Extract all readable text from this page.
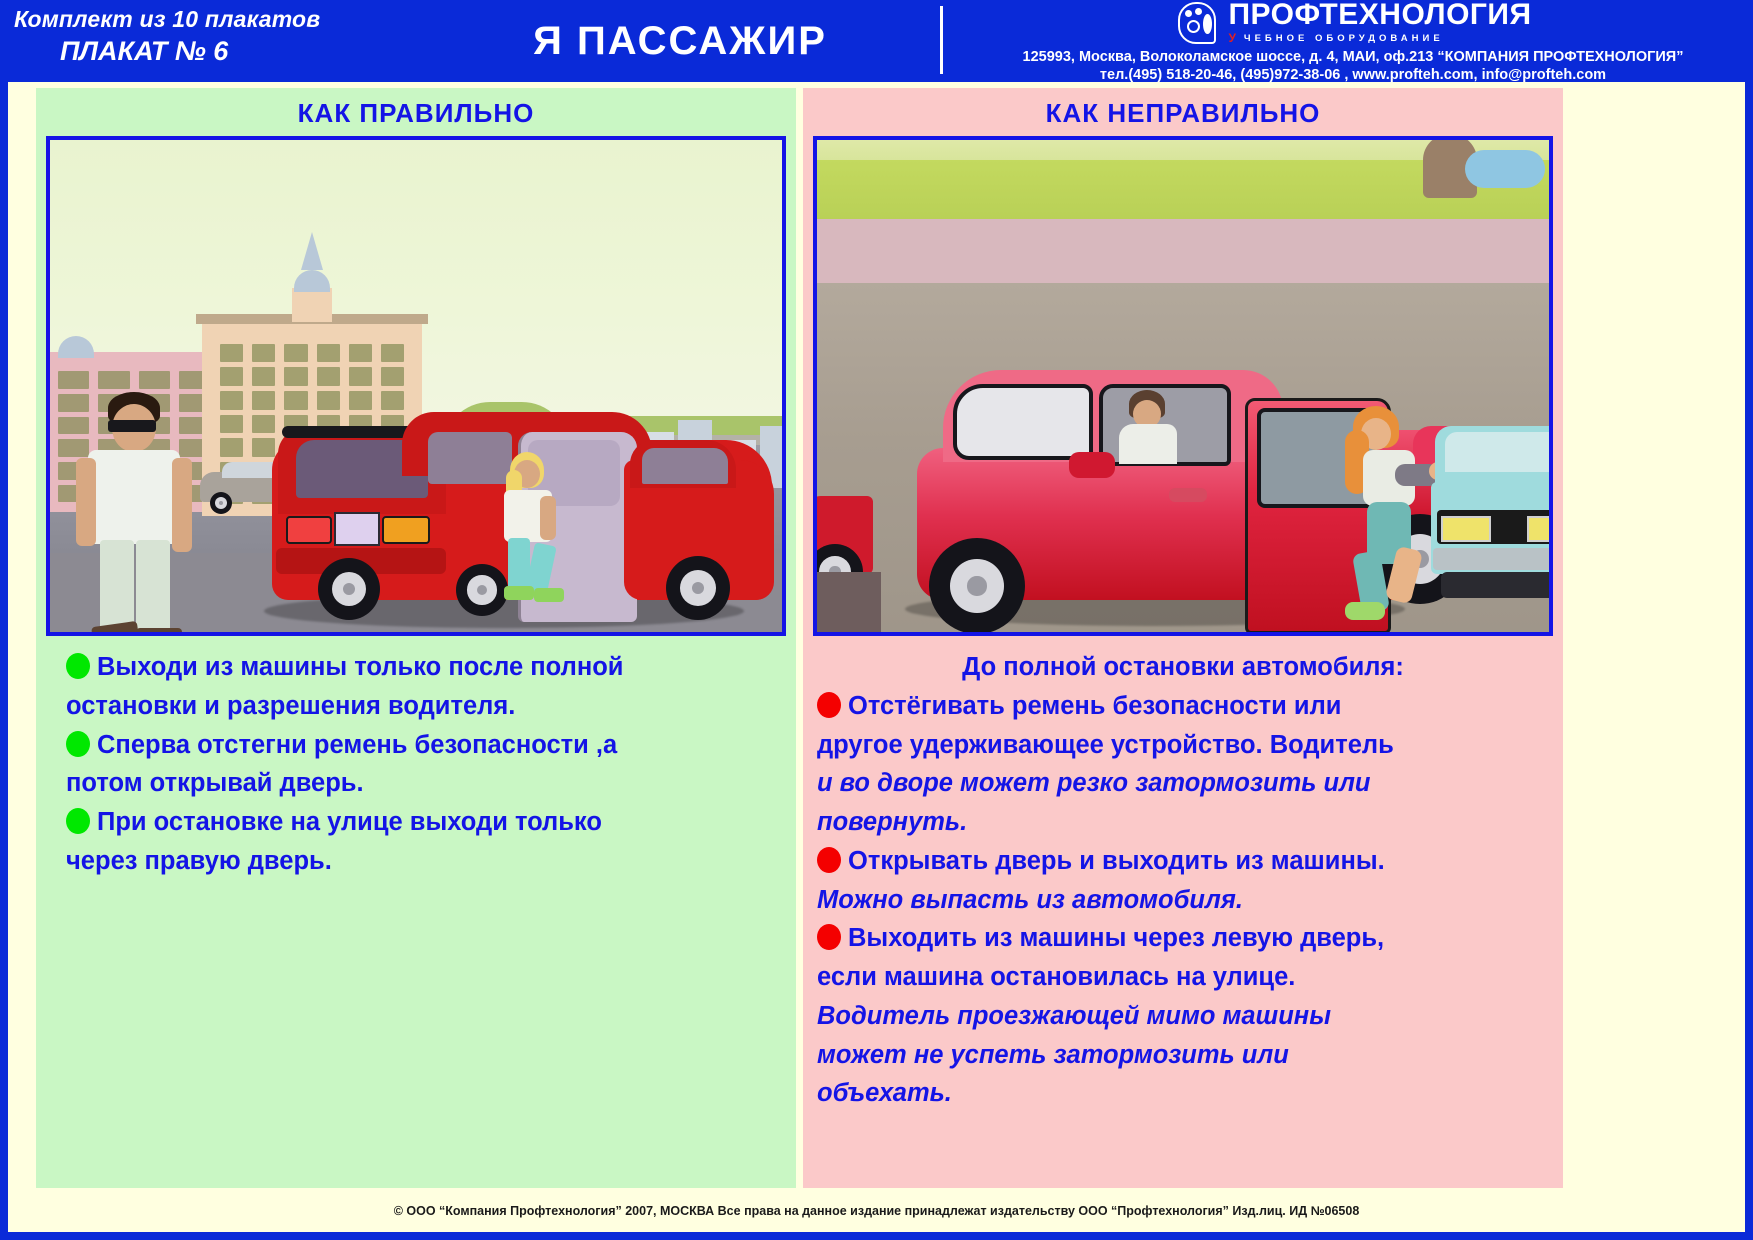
Комплект из 10 плакатов
ПЛАКАТ № 6	Я ПАССАЖИР
ПРОФТЕХНОЛОГИЯ
У ЧЕБНОЕ ОБОРУДОВАНИЕ
125993, Москва, Волоколамское шоссе, д. 4, МАИ, оф.213 “КОМПАНИЯ ПРОФТЕХНОЛОГИЯ”
тел.(495) 518-20-46, (495)972-38-06 , www.profteh.com, info@profteh.com
КАК ПРАВИЛЬНО
Выходи из машины только после полной
остановки и разрешения водителя.
Сперва отстегни ремень безопасности ,а
потом открывай дверь.
При остановке на улице выходи только
через правую дверь.
КАК НЕПРАВИЛЬНО
До полной остановки автомобиля:
Отстёгивать ремень безопасности или
другое удерживающее устройство. Водитель
и во дворе может резко затормозить или
повернуть.
Открывать дверь и выходить из машины.
Можно выпасть из автомобиля.
Выходить из машины через левую дверь,
если машина остановилась на улице.
Водитель проезжающей мимо машины
может не успеть затормозить или
объехать.
© ООО “Компания Профтехнология” 2007, МОСКВА Все права на данное издание принадлежат издательству ООО “Профтехнология” Изд.лиц. ИД №06508
